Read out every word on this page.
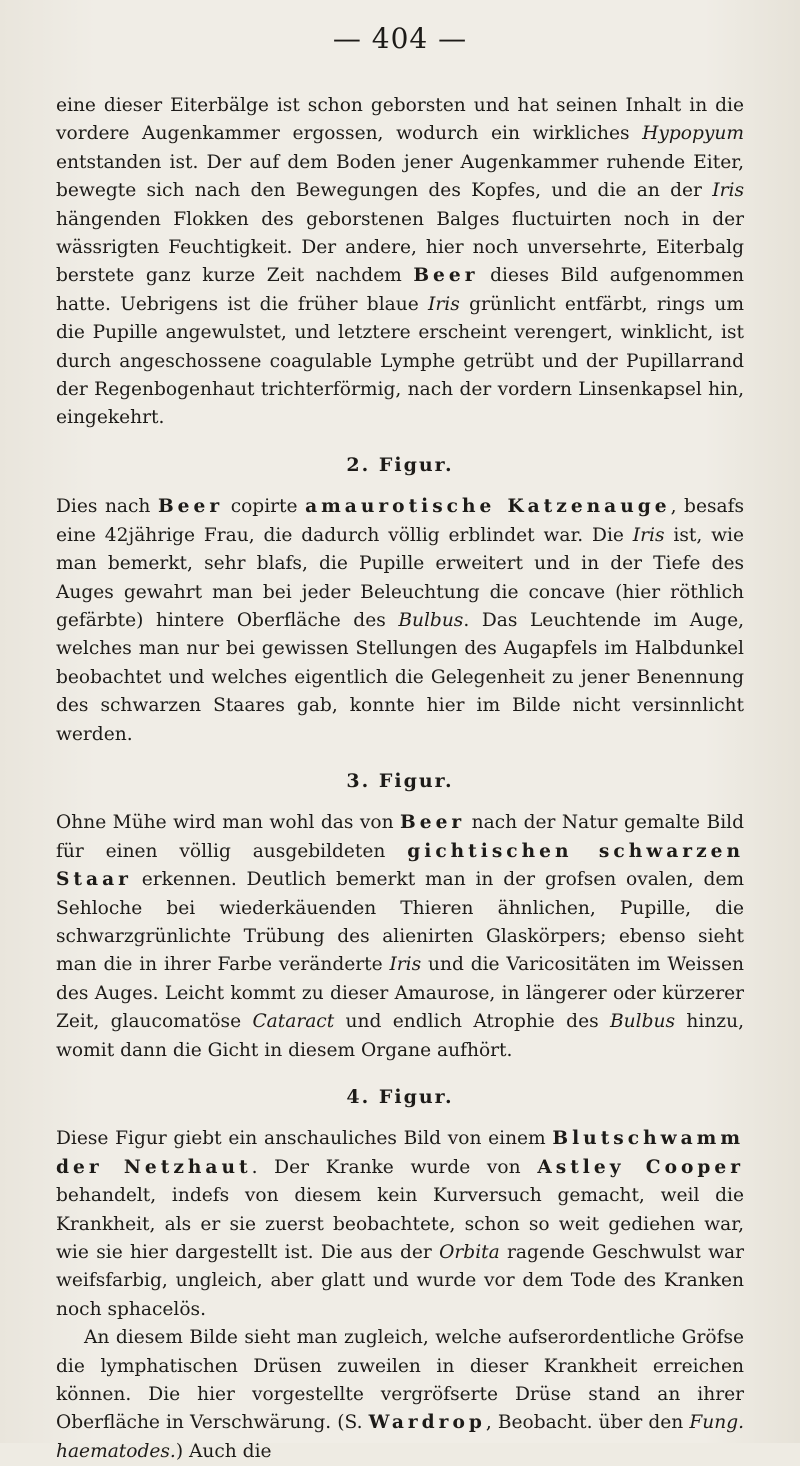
— 404 —

eine dieser Eiterbälge ist schon geborsten und hat seinen Inhalt in die vordere Augenkammer ergossen, wodurch ein wirkliches Hypopyum entstanden ist. Der auf dem Boden jener Augenkammer ruhende Eiter, bewegte sich nach den Bewegungen des Kopfes, und die an der Iris hängenden Flokken des geborstenen Balges fluctuirten noch in der wässrigten Feuchtigkeit. Der andere, hier noch unversehrte, Eiterbalg berstete ganz kurze Zeit nachdem Beer dieses Bild aufgenommen hatte. Uebrigens ist die früher blaue Iris grünlicht entfärbt, rings um die Pupille angewulstet, und letztere erscheint verengert, winklicht, ist durch angeschossene coagulable Lymphe getrübt und der Pupillarrand der Regenbogenhaut trichterförmig, nach der vordern Linsenkapsel hin, eingekehrt.

2. Figur.

Dies nach Beer copirte amaurotische Katzenauge, besafs eine 42jährige Frau, die dadurch völlig erblindet war. Die Iris ist, wie man bemerkt, sehr blafs, die Pupille erweitert und in der Tiefe des Auges gewahrt man bei jeder Beleuchtung die concave (hier röthlich gefärbte) hintere Oberfläche des Bulbus. Das Leuchtende im Auge, welches man nur bei gewissen Stellungen des Augapfels im Halbdunkel beobachtet und welches eigentlich die Gelegenheit zu jener Benennung des schwarzen Staares gab, konnte hier im Bilde nicht versinnlicht werden.

3. Figur.

Ohne Mühe wird man wohl das von Beer nach der Natur gemalte Bild für einen völlig ausgebildeten gichtischen schwarzen Staar erkennen. Deutlich bemerkt man in der grofsen ovalen, dem Sehloche bei wiederkäuenden Thieren ähnlichen, Pupille, die schwarzgrünlichte Trübung des alienirten Glaskörpers; ebenso sieht man die in ihrer Farbe veränderte Iris und die Varicositäten im Weissen des Auges. Leicht kommt zu dieser Amaurose, in längerer oder kürzerer Zeit, glaucomatöse Cataract und endlich Atrophie des Bulbus hinzu, womit dann die Gicht in diesem Organe aufhört.

4. Figur.

Diese Figur giebt ein anschauliches Bild von einem Blutschwamm der Netzhaut. Der Kranke wurde von Astley Cooper behandelt, indefs von diesem kein Kurversuch gemacht, weil die Krankheit, als er sie zuerst beobachtete, schon so weit gediehen war, wie sie hier dargestellt ist. Die aus der Orbita ragende Geschwulst war weifsfarbig, ungleich, aber glatt und wurde vor dem Tode des Kranken noch sphacelös.

An diesem Bilde sieht man zugleich, welche aufserordentliche Gröfse die lymphatischen Drüsen zuweilen in dieser Krankheit erreichen können. Die hier vorgestellte vergröfserte Drüse stand an ihrer Oberfläche in Verschwärung. (S. Wardrop, Beobacht. über den Fung. haematodes.) Auch die
